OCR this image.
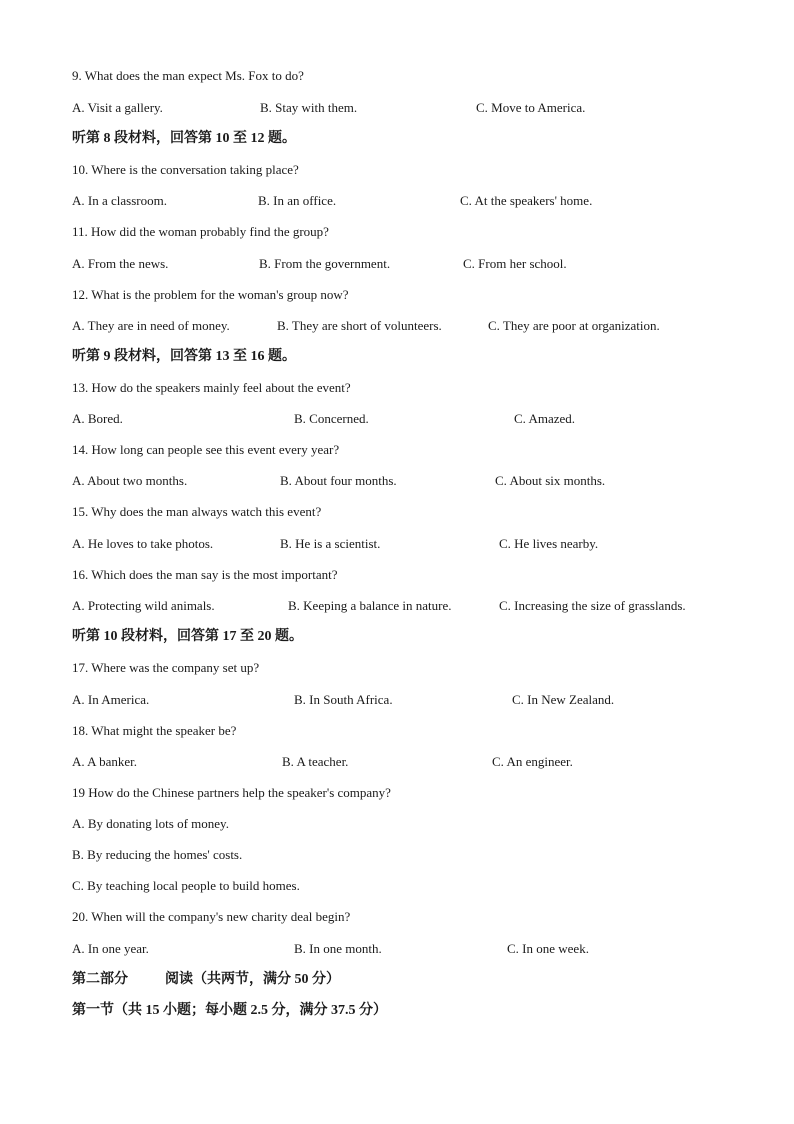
9. What does the man expect Ms. Fox to do?
A. Visit a gallery.	B. Stay with them.	C. Move to America.
听第 8 段材料，回答第 10 至 12 题。
10. Where is the conversation taking place?
A. In a classroom.	B. In an office.	C. At the speakers' home.
11. How did the woman probably find the group?
A. From the news.	B. From the government.	C. From her school.
12. What is the problem for the woman's group now?
A. They are in need of money.	B. They are short of volunteers.	C. They are poor at organization.
听第 9 段材料，回答第 13 至 16 题。
13. How do the speakers mainly feel about the event?
A. Bored.	B. Concerned.	C. Amazed.
14. How long can people see this event every year?
A. About two months.	B. About four months.	C. About six months.
15. Why does the man always watch this event?
A. He loves to take photos.	B. He is a scientist.	C. He lives nearby.
16. Which does the man say is the most important?
A. Protecting wild animals.	B. Keeping a balance in nature.	C. Increasing the size of grasslands.
听第 10 段材料，回答第 17 至 20 题。
17. Where was the company set up?
A. In America.	B. In South Africa.	C. In New Zealand.
18. What might the speaker be?
A. A banker.	B. A teacher.	C. An engineer.
19 How do the Chinese partners help the speaker's company?
A. By donating lots of money.
B. By reducing the homes' costs.
C. By teaching local people to build homes.
20. When will the company's new charity deal begin?
A. In one year.	B. In one month.	C. In one week.
第二部分	阅读（共两节，满分 50 分）
第一节（共 15 小题；每小题 2.5 分，满分 37.5 分）
